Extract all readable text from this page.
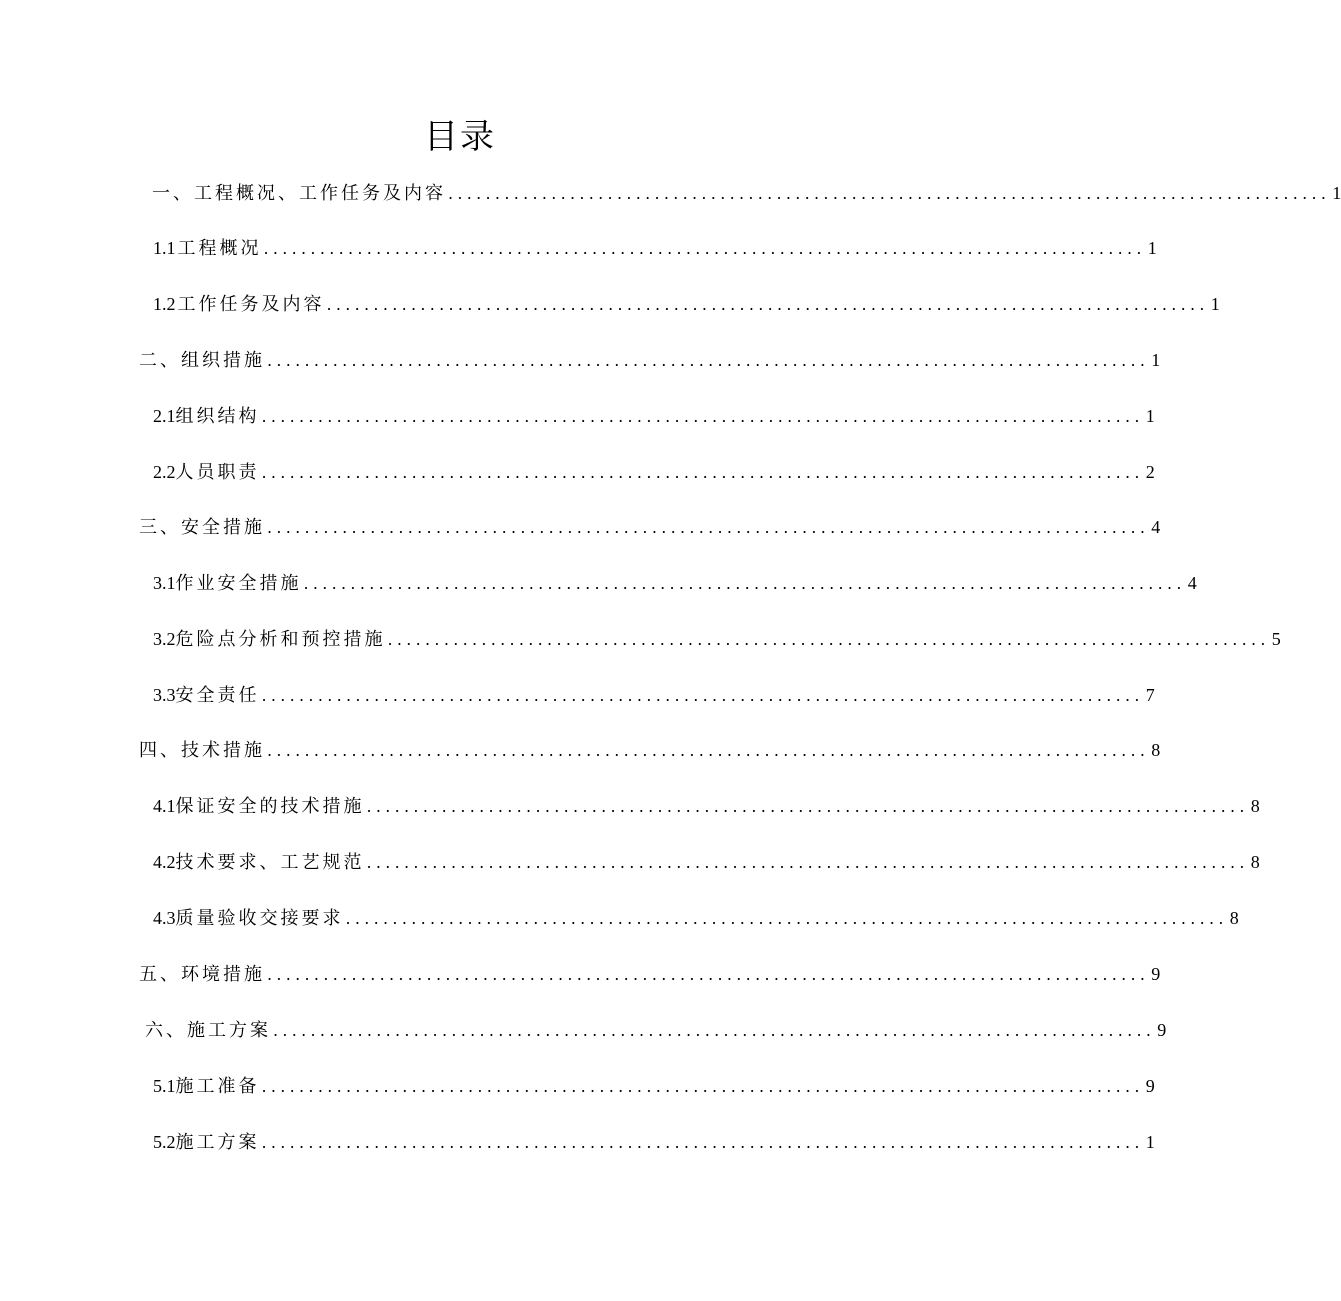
目录
一、工程概况、工作任务及内容 .............................................................................................. 1
1.1 工程概况 .............................................................................................. 1
1.2 工作任务及内容 .............................................................................................. 1
二、组织措施 .............................................................................................. 1
2.1 组织结构 .............................................................................................. 1
2.2 人员职责 .............................................................................................. 2
三、安全措施 .............................................................................................. 4
3.1 作业安全措施 .............................................................................................. 4
3.2 危险点分析和预控措施 .............................................................................................. 5
3.3 安全责任 .............................................................................................. 7
四、技术措施 .............................................................................................. 8
4.1 保证安全的技术措施 .............................................................................................. 8
4.2 技术要求、工艺规范 .............................................................................................. 8
4.3 质量验收交接要求 .............................................................................................. 8
五、环境措施 .............................................................................................. 9
六、施工方案 .............................................................................................. 9
5.1 施工准备 .............................................................................................. 9
5.2 施工方案 .............................................................................................. 1
